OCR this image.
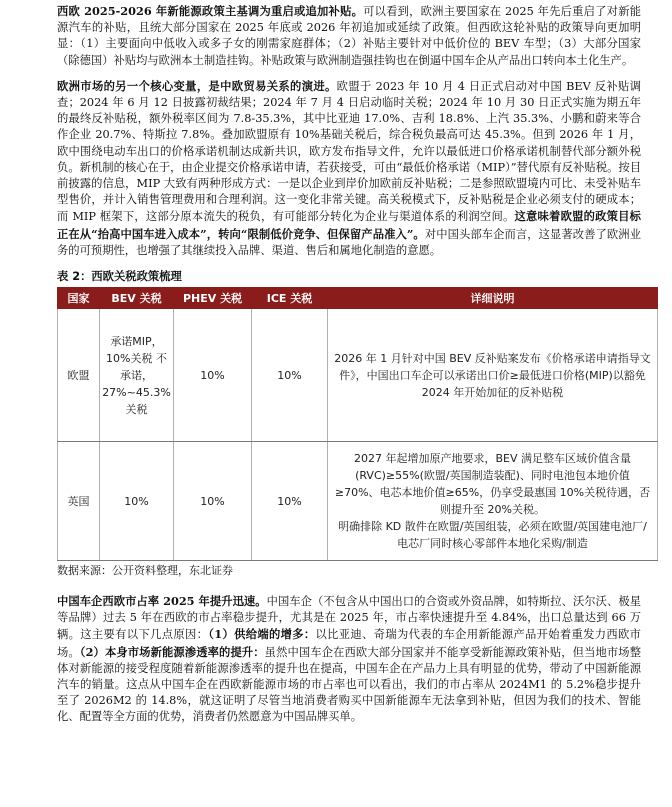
西欧 2025-2026 年新能源政策主基调为重启或追加补贴。可以看到，欧洲主要国家在 2025 年先后重启了对新能源汽车的补贴，且统大部分国家在 2025 年底或 2026 年初追加或延续了政策。但西欧这轮补贴的政策导向更加明显：（1）主要面向中低收入或多子女的刚需家庭群体；（2）补贴主要针对中低价位的 BEV 车型；（3）大部分国家（除德国）补贴均与欧洲本土制造挂钩。补贴政策与欧洲制造强挂钩也在倒逼中国车企从产品出口转向本土化生产。

欧洲市场的另一个核心变量，是中欧贸易关系的演进。欧盟于 2023 年 10 月 4 日正式启动对中国 BEV 反补贴调查；2024 年 6 月 12 日披露初裁结果；2024 年 7 月 4 日启动临时关税；2024 年 10 月 30 日正式实施为期五年的最终反补贴税，额外税率区间为 7.8-35.3%，其中比亚迪 17.0%、吉利 18.8%、上汽 35.3%、小鹏和蔚来等合作企业 20.7%、特斯拉 7.8%。叠加欧盟原有 10%基础关税后，综合税负最高可达 45.3%。但到 2026 年 1 月，欧中围绕电动车出口的价格承诺机制达成新共识，欧方发布指导文件，允许以最低进口价格承诺机制替代部分额外税负。新机制的核心在于，由企业提交价格承诺申请，若获接受，可由“最低价格承诺（MIP）”替代原有反补贴税。按目前披露的信息，MIP 大致有两种形成方式：一是以企业到岸价加欧前反补贴税；二是参照欧盟境内可比、未受补贴车型售价，并计入销售管理费用和合理利润。这一变化非常关键。高关税模式下，反补贴税是企业必须支付的硬成本；而 MIP 框架下，这部分原本流失的税负，有可能部分转化为企业与渠道体系的利润空间。这意味着欧盟的政策目标正在从“抬高中国车进入成本”，转向“限制低价竞争、但保留产品准入”。对中国头部车企而言，这显著改善了欧洲业务的可预期性，也增强了其继续投入品牌、渠道、售后和属地化制造的意愿。

表 2：西欧关税政策梳理
国家	BEV 关税	PHEV 关税	ICE 关税	详细说明
欧盟	承诺MIP，10%关税 不承诺，27%~45.3%关税	10%	10%	2026 年 1 月针对中国 BEV 反补贴案发布《价格承诺申请指导文件》，中国出口车企可以承诺出口价≥最低进口价格(MIP)以豁免 2024 年开始加征的反补贴税

英国	10%	10%	10%	2027 年起增加原产地要求，BEV 满足整车区域价值含量(RVC)≥55%(欧盟/英国制造装配)、同时电池包本地价值≥70%、电芯本地价值≥65%，仍享受最惠国 10%关税待遇，否则提升至 20%关税。
明确排除 KD 散件在欧盟/英国组装，必须在欧盟/英国建电池厂/电芯厂同时核心零部件本地化采购/制造
数据来源：公开资料整理，东北证券

中国车企西欧市占率 2025 年提升迅速。中国车企（不包含从中国出口的合资或外资品牌，如特斯拉、沃尔沃、极星等品牌）过去 5 年在西欧的市占率稳步提升，尤其是在 2025 年，市占率快速提升至 4.84%，出口总量达到 66 万辆。这主要有以下几点原因：（1）供给端的增多：以比亚迪、奇瑞为代表的车企用新能源产品开始着重发力西欧市场。（2）本身市场新能源渗透率的提升：虽然中国车企在西欧大部分国家并不能享受新能源政策补贴，但当地市场整体对新能源的接受程度随着新能源渗透率的提升也在提高，中国车企在产品力上具有明显的优势，带动了中国新能源汽车的销量。这点从中国车企在西欧新能源市场的市占率也可以看出，我们的市占率从 2024M1 的 5.2%稳步提升至了 2026M2 的 14.8%，就这证明了尽管当地消费者购买中国新能源车无法拿到补贴，但因为我们的技术、智能化、配置等全方面的优势，消费者仍然愿意为中国品牌买单。
